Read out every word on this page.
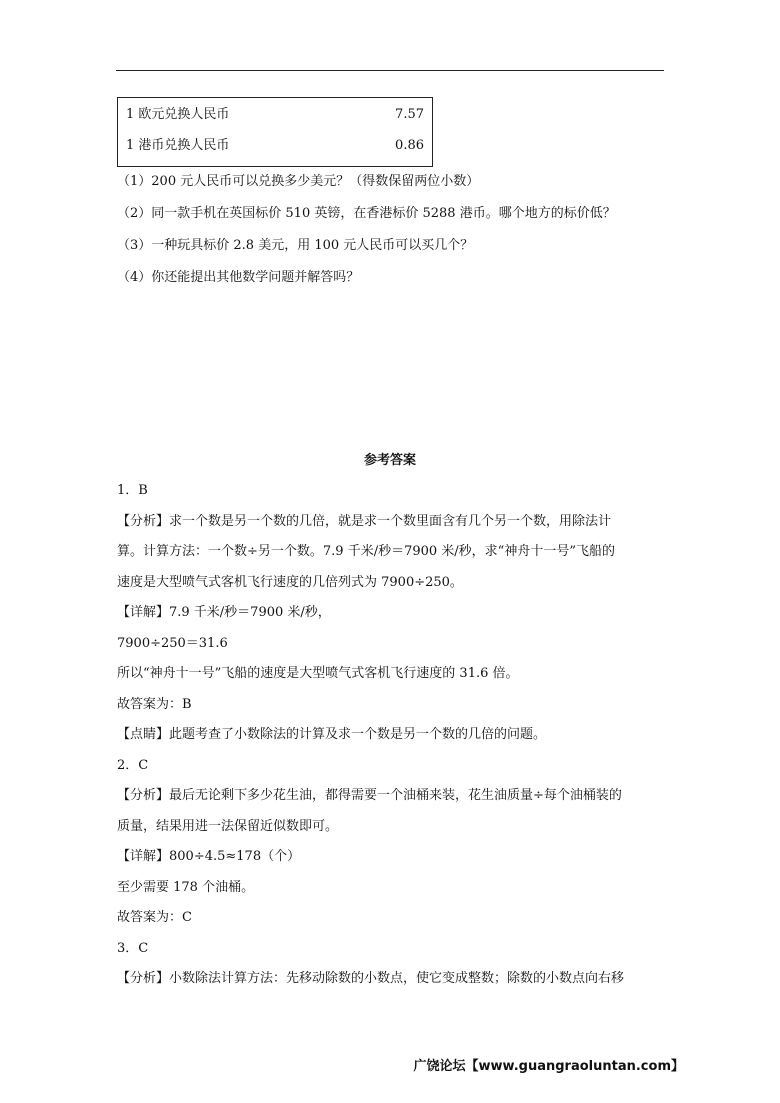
1 欧元兑换人民币	7.57
1 港币兑换人民币	0.86
（1）200 元人民币可以兑换多少美元？（得数保留两位小数）
（2）同一款手机在英国标价 510 英镑，在香港标价 5288 港币。哪个地方的标价低？
（3）一种玩具标价 2.8 美元，用 100 元人民币可以买几个？
（4）你还能提出其他数学问题并解答吗？
参考答案
1．B
【分析】求一个数是另一个数的几倍，就是求一个数里面含有几个另一个数，用除法计
算。计算方法：一个数÷另一个数。7.9 千米/秒＝7900 米/秒，求“神舟十一号”飞船的
速度是大型喷气式客机飞行速度的几倍列式为 7900÷250。
【详解】7.9 千米/秒＝7900 米/秒，
7900÷250＝31.6
所以“神舟十一号”飞船的速度是大型喷气式客机飞行速度的 31.6 倍。
故答案为：B
【点睛】此题考查了小数除法的计算及求一个数是另一个数的几倍的问题。
2．C
【分析】最后无论剩下多少花生油，都得需要一个油桶来装，花生油质量÷每个油桶装的
质量，结果用进一法保留近似数即可。
【详解】800÷4.5≈178（个）
至少需要 178 个油桶。
故答案为：C
3．C
【分析】小数除法计算方法：先移动除数的小数点，使它变成整数；除数的小数点向右移
广饶论坛【www.guangraoluntan.com】
